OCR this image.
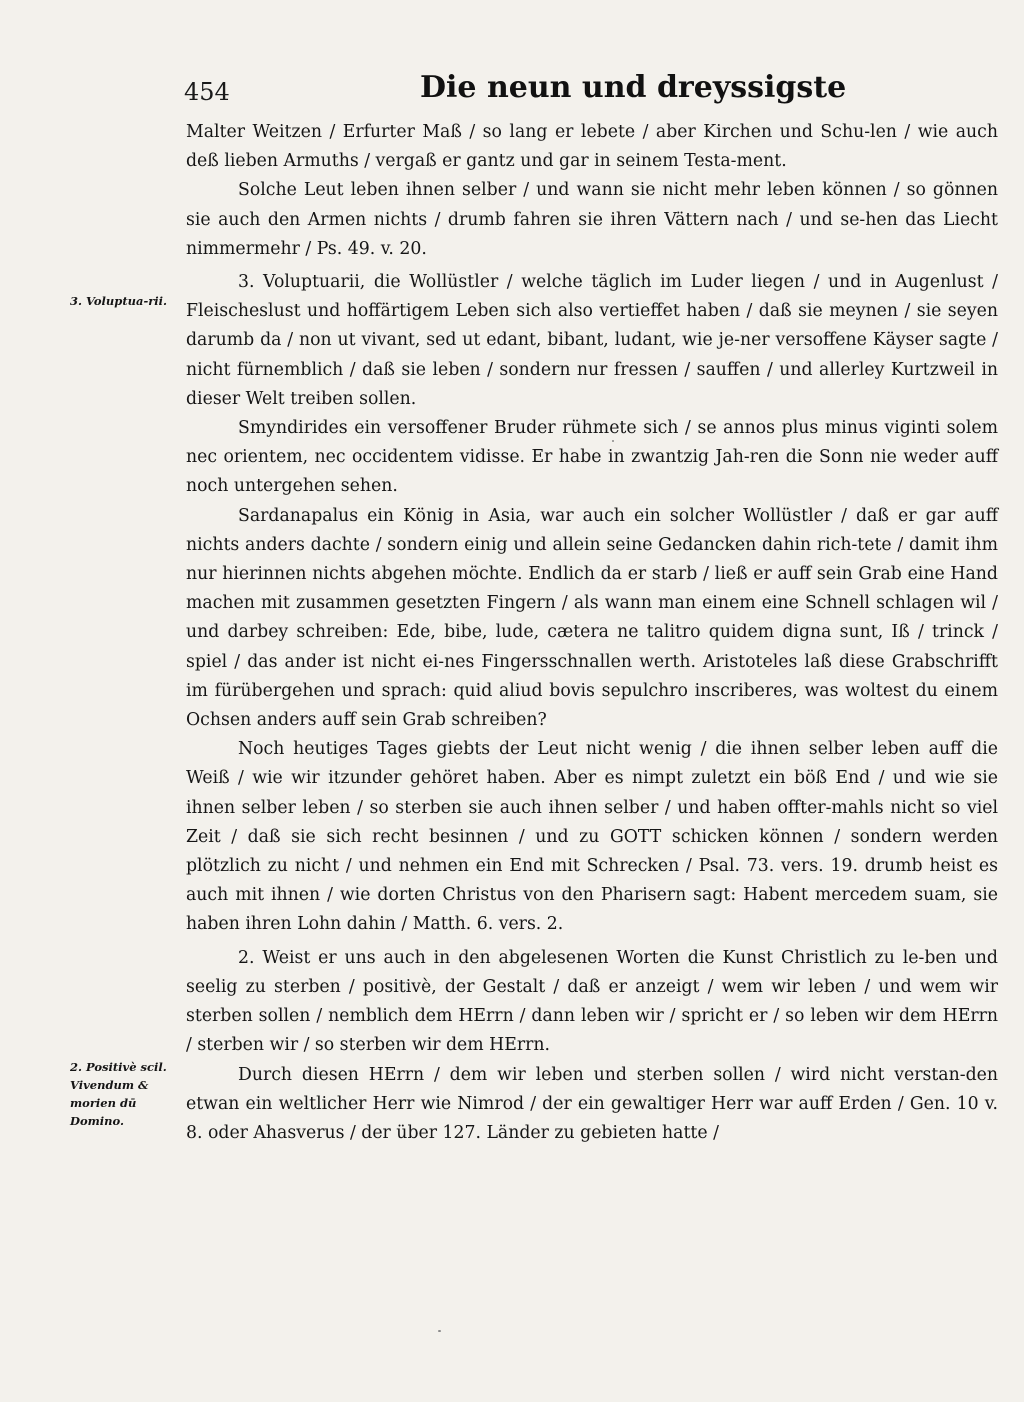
454	Die neun und dreyssigste
3. Voluptua-rii.
2. Positivè scil. Vivendum & morien dū Domino.

Malter Weitzen / Erfurter Maß / so lang er lebete / aber Kirchen und Schu-len / wie auch deß lieben Armuths / vergaß er gantz und gar in seinem Testa-ment.

Solche Leut leben ihnen selber / und wann sie nicht mehr leben können / so gönnen sie auch den Armen nichts / drumb fahren sie ihren Vättern nach / und se-hen das Liecht nimmermehr / Ps. 49. v. 20.

3. Voluptuarii, die Wollüstler / welche täglich im Luder liegen / und in Augenlust / Fleischeslust und hoffärtigem Leben sich also vertieffet haben / daß sie meynen / sie seyen darumb da / non ut vivant, sed ut edant, bibant, ludant, wie je-ner versoffene Käyser sagte / nicht fürnemblich / daß sie leben / sondern nur fressen / sauffen / und allerley Kurtzweil in dieser Welt treiben sollen.

Smyndirides ein versoffener Bruder rühmete sich / se annos plus minus viginti solem nec orientem, nec occidentem vidisse. Er habe in zwantzig Jah-ren die Sonn nie weder auff noch untergehen sehen.

Sardanapalus ein König in Asia, war auch ein solcher Wollüstler / daß er gar auff nichts anders dachte / sondern einig und allein seine Gedancken dahin rich-tete / damit ihm nur hierinnen nichts abgehen möchte. Endlich da er starb / ließ er auff sein Grab eine Hand machen mit zusammen gesetzten Fingern / als wann man einem eine Schnell schlagen wil / und darbey schreiben: Ede, bibe, lude, cætera ne talitro quidem digna sunt, Iß / trinck / spiel / das ander ist nicht ei-nes Fingersschnallen werth. Aristoteles laß diese Grabschrifft im fürübergehen und sprach: quid aliud bovis sepulchro inscriberes, was woltest du einem Ochsen anders auff sein Grab schreiben?

Noch heutiges Tages giebts der Leut nicht wenig / die ihnen selber leben auff die Weiß / wie wir itzunder gehöret haben. Aber es nimpt zuletzt ein böß End / und wie sie ihnen selber leben / so sterben sie auch ihnen selber / und haben offter-mahls nicht so viel Zeit / daß sie sich recht besinnen / und zu GOTT schicken können / sondern werden plötzlich zu nicht / und nehmen ein End mit Schrecken / Psal. 73. vers. 19. drumb heist es auch mit ihnen / wie dorten Christus von den Pharisern sagt: Habent mercedem suam, sie haben ihren Lohn dahin / Matth. 6. vers. 2.

2. Weist er uns auch in den abgelesenen Worten die Kunst Christlich zu le-ben und seelig zu sterben / positivè, der Gestalt / daß er anzeigt / wem wir leben / und wem wir sterben sollen / nemblich dem HErrn / dann leben wir / spricht er / so leben wir dem HErrn / sterben wir / so sterben wir dem HErrn.

Durch diesen HErrn / dem wir leben und sterben sollen / wird nicht verstan-den etwan ein weltlicher Herr wie Nimrod / der ein gewaltiger Herr war auff Erden / Gen. 10 v. 8. oder Ahasverus / der über 127. Länder zu gebieten hatte /
